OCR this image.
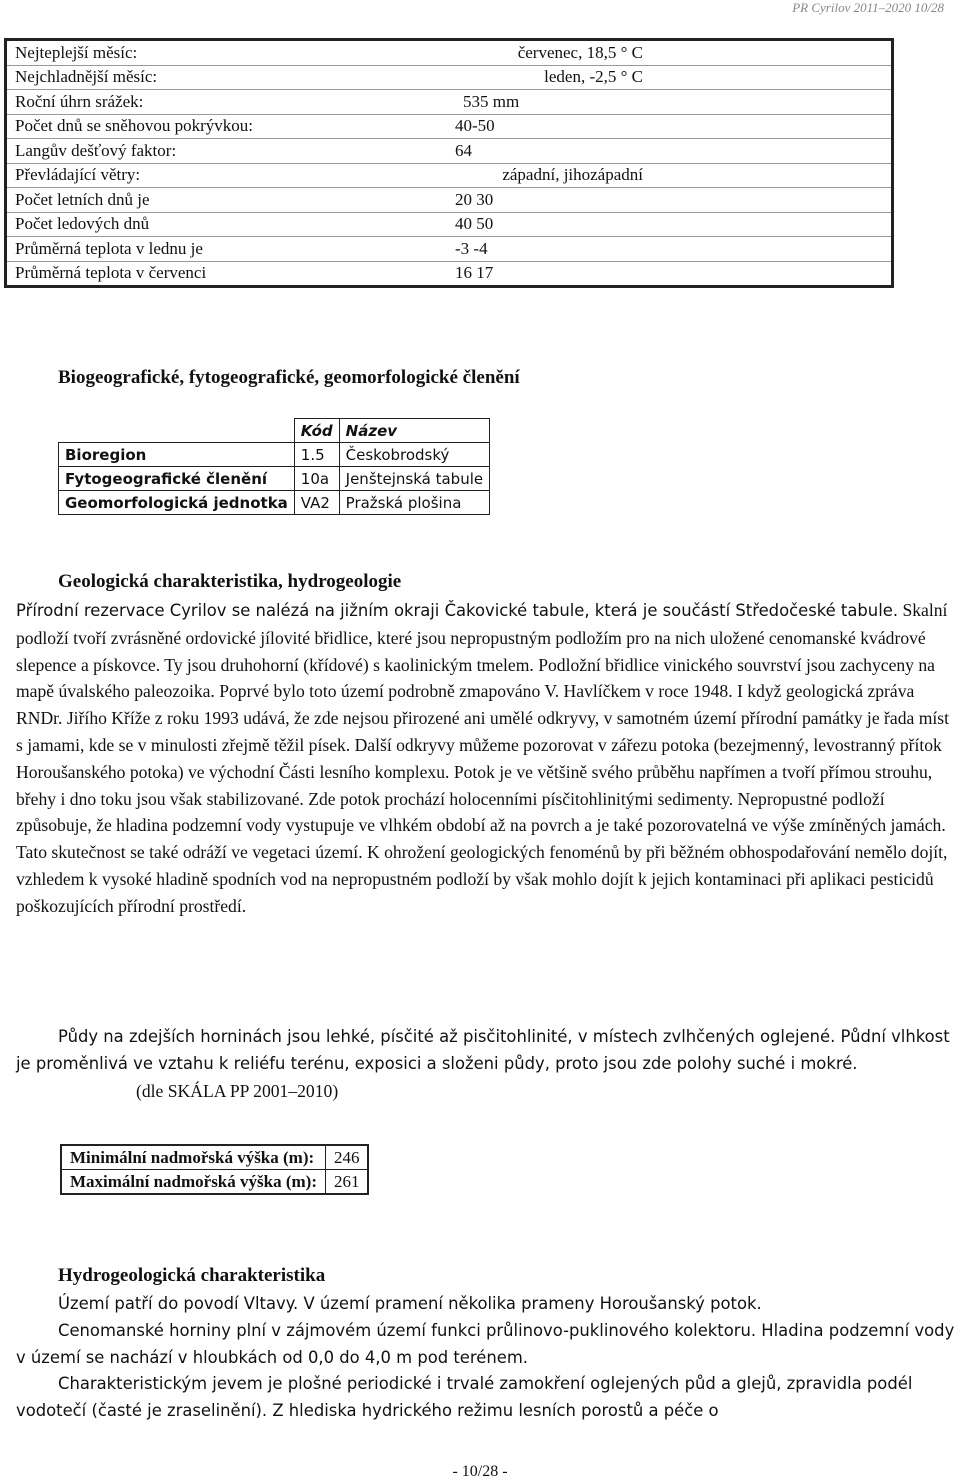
PR Cyrilov 2011–2020 10/28
Nejteplejší měsíc:	červenec, 18,5 ° C
Nejchladnější měsíc:	leden, -2,5 ° C
Roční úhrn srážek:	535 mm
Počet dnů se sněhovou pokrývkou:	40-50
Langův dešťový faktor:	64
Převládající větry:	západní, jihozápadní
Počet letních dnů je	20 30
Počet ledových dnů	40 50
Průměrná teplota v lednu je	-3 -4
Průměrná teplota v červenci	16 17
Biogeografické, fytogeografické, geomorfologické členění
	Kód	Název
Bioregion	1.5	Českobrodský
Fytogeografické členění	10a	Jenštejnská tabule
Geomorfologická jednotka	VA2	Pražská plošina
Geologická charakteristika, hydrogeologie

Přírodní rezervace Cyrilov se nalézá na jižním okraji Čakovické tabule, která je součástí Středočeské tabule. Skalní podloží tvoří zvrásněné ordovické jílovité břidlice, které jsou nepropustným podložím pro na nich uložené cenomanské kvádrové slepence a pískovce. Ty jsou druhohorní (křídové) s kaolinickým tmelem. Podložní břidlice vinického souvrství jsou zachyceny na mapě úvalského paleozoika. Poprvé bylo toto území podrobně zmapováno V. Havlíčkem v roce 1948. I když geologická zpráva RNDr. Jiřího Kříže z roku 1993 udává, že zde nejsou přirozené ani umělé odkryvy, v samotném území přírodní památky je řada míst s jamami, kde se v minulosti zřejmě těžil písek. Další odkryvy můžeme pozorovat v zářezu potoka (bezejmenný, levostranný přítok Horoušanského potoka) ve východní Části lesního komplexu. Potok je ve většině svého průběhu napřímen a tvoří přímou strouhu, břehy i dno toku jsou však stabilizované. Zde potok prochází holocenními písčitohlinitými sedimenty. Nepropustné podloží způsobuje, že hladina podzemní vody vystupuje ve vlhkém období až na povrch a je také pozorovatelná ve výše zmíněných jamách. Tato skutečnost se také odráží ve vegetaci území. K ohrožení geologických fenoménů by při běžném obhospodařování nemělo dojít, vzhledem k vysoké hladině spodních vod na nepropustném podloží by však mohlo dojít k jejich kontaminaci při aplikaci pesticidů poškozujících přírodní prostředí.

Půdy na zdejších horninách jsou lehké, písčité až pisčitohlinité, v místech zvlhčených oglejené. Půdní vlhkost je proměnlivá ve vztahu k reliéfu terénu, exposici a složeni půdy, proto jsou zde polohy suché i mokré.(dle SKÁLA PP 2001–2010)

Minimální nadmořská výška (m):	246
Maximální nadmořská výška (m):	261
Hydrogeologická charakteristika

Území patří do povodí Vltavy. V území pramení několika prameny Horoušanský potok.

Cenomanské horniny plní v zájmovém území funkci průlinovo-puklinového kolektoru. Hladina podzemní vody v území se nachází v hloubkách od 0,0 do 4,0 m pod terénem.

Charakteristickým jevem je plošné periodické i trvalé zamokření oglejených půd a glejů, zpravidla podél vodotečí (časté je zraselinění). Z hlediska hydrického režimu lesních porostů a péče o

- 10/28 -
